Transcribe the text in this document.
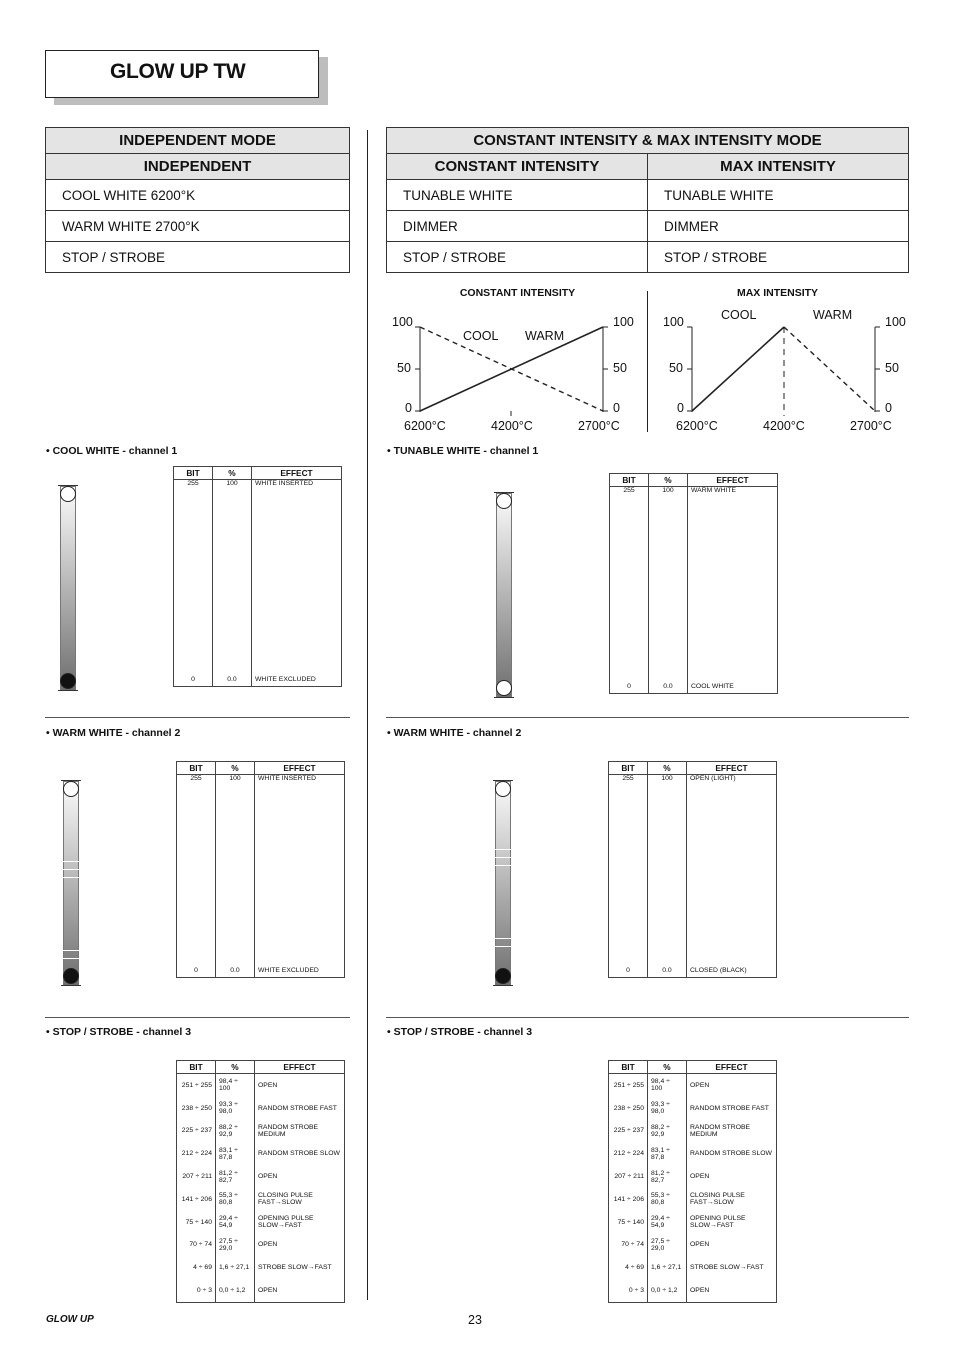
GLOW UP TW
INDEPENDENT MODE
INDEPENDENT
COOL WHITE 6200°K
WARM WHITE 2700°K
STOP / STROBE
CONSTANT INTENSITY & MAX INTENSITY MODE	
CONSTANT INTENSITY	MAX INTENSITY
TUNABLE WHITE	TUNABLE WHITE
DIMMER	DIMMER
STOP / STROBE	STOP / STROBE
CONSTANT INTENSITY	MAX INTENSITY
100
50
0
100
50
0
6200°C	4200°C	2700°C
COOL WARM
100
50
0
100
50
0
6200°C	4200°C	2700°C
COOL	WARM
• COOL WHITE - channel 1
BIT	%	EFFECT
255	100	WHITE INSERTED

0	0.0	WHITE EXCLUDED
• WARM WHITE - channel 2
BIT	%	EFFECT
255	100	WHITE INSERTED

0	0.0	WHITE EXCLUDED
• STOP / STROBE - channel 3
BIT	%	EFFECT
251 ÷ 255	98,4 ÷ 100	OPEN
238 ÷ 250	93,3 ÷ 98,0	RANDOM STROBE FAST
225 ÷ 237	88,2 ÷ 92,9	RANDOM STROBE MEDIUM
212 ÷ 224	83,1 ÷ 87,8	RANDOM STROBE SLOW
207 ÷ 211	81,2 ÷ 82,7	OPEN
141 ÷ 206	55,3 ÷ 80,8	CLOSING PULSE FAST→SLOW
75 ÷ 140	29,4 ÷ 54,9	OPENING PULSE SLOW→FAST
70 ÷ 74	27,5 ÷ 29,0	OPEN
4 ÷ 69	1,6 ÷ 27,1	STROBE SLOW→FAST
0 ÷ 3	0,0 ÷ 1,2	OPEN
• TUNABLE WHITE - channel 1
BIT	%	EFFECT
255	100	WARM WHITE

0	0.0	COOL WHITE
• WARM WHITE - channel 2
BIT	%	EFFECT
255	100	OPEN (LIGHT)

0	0.0	CLOSED (BLACK)
• STOP / STROBE - channel 3
BIT	%	EFFECT
251 ÷ 255	98,4 ÷ 100	OPEN
238 ÷ 250	93,3 ÷ 98,0	RANDOM STROBE FAST
225 ÷ 237	88,2 ÷ 92,9	RANDOM STROBE MEDIUM
212 ÷ 224	83,1 ÷ 87,8	RANDOM STROBE SLOW
207 ÷ 211	81,2 ÷ 82,7	OPEN
141 ÷ 206	55,3 ÷ 80,8	CLOSING PULSE FAST→SLOW
75 ÷ 140	29,4 ÷ 54,9	OPENING PULSE SLOW→FAST
70 ÷ 74	27,5 ÷ 29,0	OPEN
4 ÷ 69	1,6 ÷ 27,1	STROBE SLOW→FAST
0 ÷ 3	0,0 ÷ 1,2	OPEN
GLOW UP	23
